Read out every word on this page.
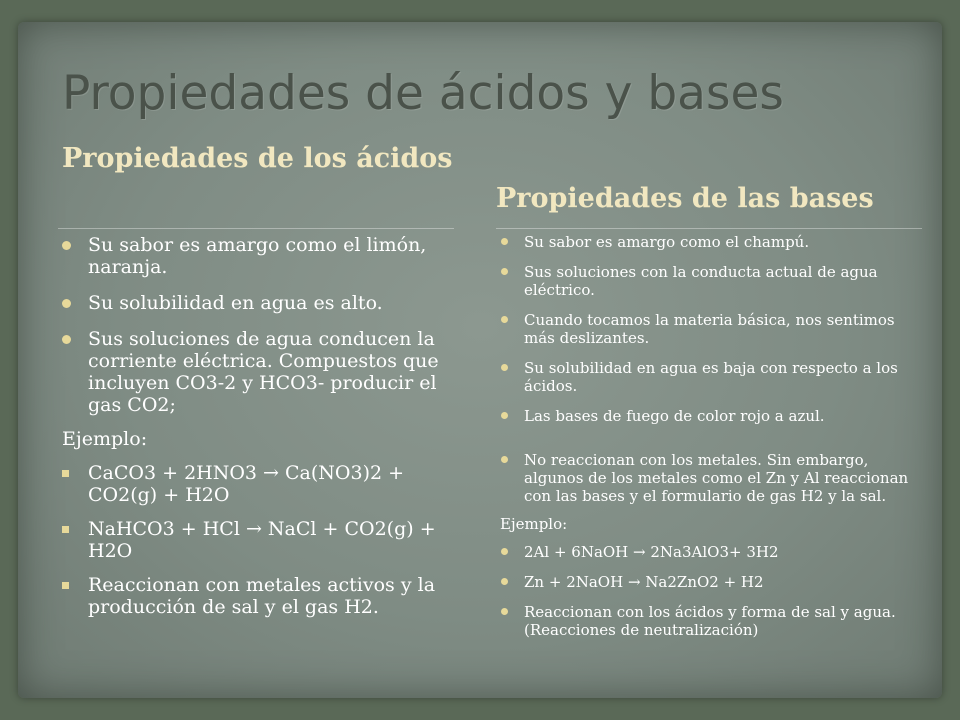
Propiedades de ácidos y bases
Propiedades de los ácidos
Propiedades de las bases
Su sabor es amargo como el limón, naranja.
Su solubilidad en agua es alto.
Sus soluciones de agua conducen la corriente eléctrica. Compuestos que incluyen CO3-2 y HCO3- producir el gas CO2;
Ejemplo:
CaCO3 + 2HNO3 → Ca(NO3)2 + CO2(g) + H2O
NaHCO3 + HCl → NaCl + CO2(g) + H2O
Reaccionan con metales activos y la producción de sal y el gas H2.
Su sabor es amargo como el champú.
Sus soluciones con la conducta actual de agua eléctrico.
Cuando tocamos la materia básica, nos sentimos más deslizantes.
Su solubilidad en agua es baja con respecto a los ácidos.
Las bases de fuego de color rojo a azul.
No reaccionan con los metales. Sin embargo, algunos de los metales como el Zn y Al reaccionan con las bases y el formulario de gas H2 y la sal.
Ejemplo:
2Al + 6NaOH → 2Na3AlO3+ 3H2
Zn + 2NaOH → Na2ZnO2 + H2
Reaccionan con los ácidos y forma de sal y agua. (Reacciones de neutralización)
